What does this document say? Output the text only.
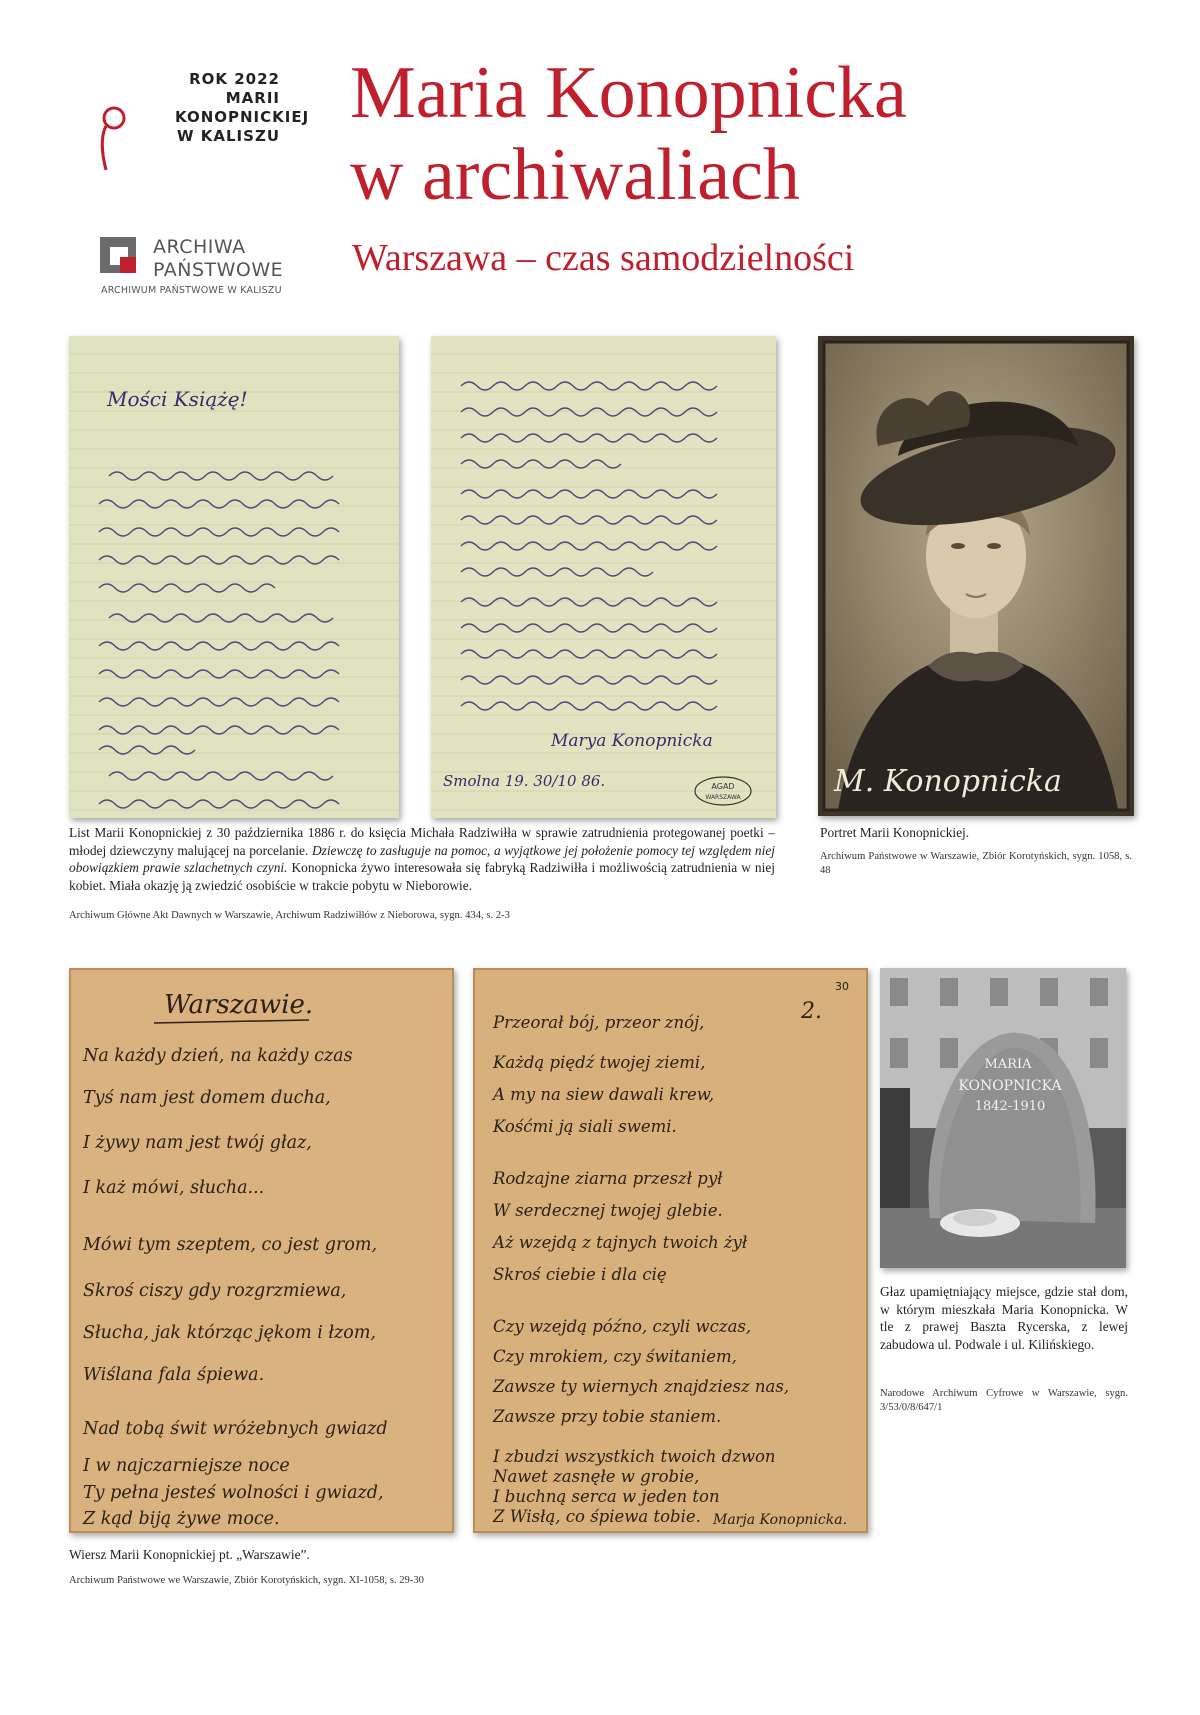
ROK 2022
MARII
KONOPNICKIEJ
W KALISZU
ARCHIWA
PAŃSTWOWE
ARCHIWUM PAŃSTWOWE W KALISZU
Maria Konopnicka
w archiwaliach
Warszawa – czas samodzielności
Mości Książę!
Marya Konopnicka
Smolna 19. 30/10 86.	AGAD
WARSZAWA	M. Konopnicka
Warszawie.
Na każdy dzień, na każdy czas
Tyś nam jest domem ducha,
I żywy nam jest twój głaz,
I każ mówi, słucha...
Mówi tym szeptem, co jest grom,
Skroś ciszy gdy rozgrzmiewa,
Słucha, jak którząc jękom i łzom,
Wiślana fala śpiewa.
Nad tobą świt wróżebnych gwiazd
I w najczarniejsze noce
Ty pełna jesteś wolności i gwiazd,
Z kąd biją żywe moce.
2.
30
Przeorał bój, przeor znój,
Każdą piędź twojej ziemi,
A my na siew dawali krew,
Kośćmi ją siali swemi.
Rodzajne ziarna przeszł pył
W serdecznej twojej glebie.
Aż wzejdą z tajnych twoich żył
Skroś ciebie i dla cię
Czy wzejdą późno, czyli wczas,
Czy mrokiem, czy świtaniem,
Zawsze ty wiernych znajdziesz nas,
Zawsze przy tobie staniem.
I zbudzi wszystkich twoich dzwon
Nawet zasnęłe w grobie,
I buchną serca w jeden ton
Z Wisłą, co śpiewa tobie. Marja Konopnicka.
MARIA
KONOPNICKA
1842-1910
List Marii Konopnickiej z 30 października 1886 r. do księcia Michała Radziwiłła w sprawie zatrudnienia protegowanej poetki – młodej dziewczyny malującej na porcelanie. Dziewczę to zasługuje na pomoc, a wyjątkowe jej położenie pomocy tej względem niej obowiązkiem prawie szlachetnych czyni. Konopnicka żywo interesowała się fabryką Radziwiłła i możliwością zatrudnienia w niej kobiet. Miała okazję ją zwiedzić osobiście w trakcie pobytu w Nieborowie.
Archiwum Główne Akt Dawnych w Warszawie, Archiwum Radziwiłłów z Nieborowa, sygn. 434, s. 2-3
Portret Marii Konopnickiej.
Archiwum Państwowe w Warszawie, Zbiór Korotyńskich, sygn. 1058, s. 48
Głaz upamiętniający miejsce, gdzie stał dom, w którym mieszkała Maria Konopnicka. W tle z prawej Baszta Rycerska, z lewej zabudowa ul. Podwale i ul. Kilińskiego.
Narodowe Archiwum Cyfrowe w Warszawie, sygn. 3/53/0/8/647/1
Wiersz Marii Konopnickiej pt. „Warszawie”.
Archiwum Państwowe we Warszawie, Zbiór Korotyńskich, sygn. XI-1058, s. 29-30
